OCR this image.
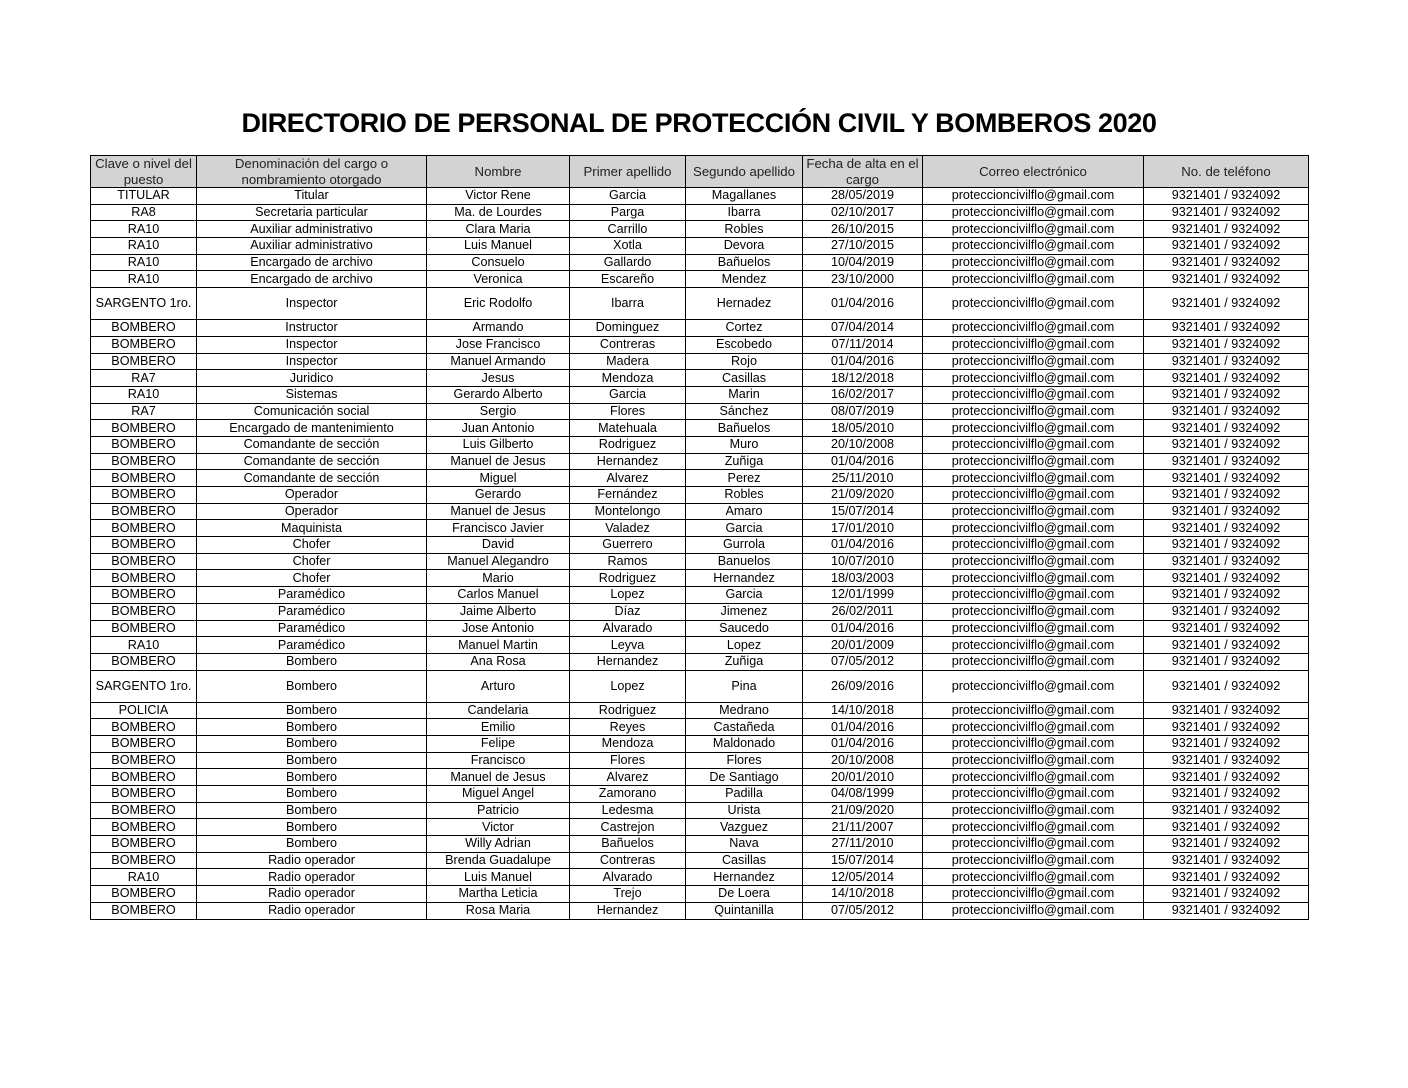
DIRECTORIO DE PERSONAL DE PROTECCIÓN CIVIL Y BOMBEROS 2020
Clave o nivel del puesto	Denominación del cargo o nombramiento otorgado	Nombre	Primer apellido	Segundo apellido	Fecha de alta en el cargo	Correo electrónico	No. de teléfono
TITULAR	Titular	Victor Rene	Garcia	Magallanes	28/05/2019	proteccioncivilflo@gmail.com	9321401 / 9324092
RA8	Secretaria particular	Ma. de Lourdes	Parga	Ibarra	02/10/2017	proteccioncivilflo@gmail.com	9321401 / 9324092
RA10	Auxiliar administrativo	Clara Maria	Carrillo	Robles	26/10/2015	proteccioncivilflo@gmail.com	9321401 / 9324092
RA10	Auxiliar administrativo	Luis Manuel	Xotla	Devora	27/10/2015	proteccioncivilflo@gmail.com	9321401 / 9324092
RA10	Encargado de archivo	Consuelo	Gallardo	Bañuelos	10/04/2019	proteccioncivilflo@gmail.com	9321401 / 9324092
RA10	Encargado de archivo	Veronica	Escareño	Mendez	23/10/2000	proteccioncivilflo@gmail.com	9321401 / 9324092
SARGENTO 1ro.	Inspector	Eric Rodolfo	Ibarra	Hernadez	01/04/2016	proteccioncivilflo@gmail.com	9321401 / 9324092
BOMBERO	Instructor	Armando	Dominguez	Cortez	07/04/2014	proteccioncivilflo@gmail.com	9321401 / 9324092
BOMBERO	Inspector	Jose Francisco	Contreras	Escobedo	07/11/2014	proteccioncivilflo@gmail.com	9321401 / 9324092
BOMBERO	Inspector	Manuel Armando	Madera	Rojo	01/04/2016	proteccioncivilflo@gmail.com	9321401 / 9324092
RA7	Juridico	Jesus	Mendoza	Casillas	18/12/2018	proteccioncivilflo@gmail.com	9321401 / 9324092
RA10	Sistemas	Gerardo Alberto	Garcia	Marin	16/02/2017	proteccioncivilflo@gmail.com	9321401 / 9324092
RA7	Comunicación social	Sergio	Flores	Sánchez	08/07/2019	proteccioncivilflo@gmail.com	9321401 / 9324092
BOMBERO	Encargado de mantenimiento	Juan Antonio	Matehuala	Bañuelos	18/05/2010	proteccioncivilflo@gmail.com	9321401 / 9324092
BOMBERO	Comandante de sección	Luis Gilberto	Rodriguez	Muro	20/10/2008	proteccioncivilflo@gmail.com	9321401 / 9324092
BOMBERO	Comandante de sección	Manuel de Jesus	Hernandez	Zuñiga	01/04/2016	proteccioncivilflo@gmail.com	9321401 / 9324092
BOMBERO	Comandante de sección	Miguel	Alvarez	Perez	25/11/2010	proteccioncivilflo@gmail.com	9321401 / 9324092
BOMBERO	Operador	Gerardo	Fernández	Robles	21/09/2020	proteccioncivilflo@gmail.com	9321401 / 9324092
BOMBERO	Operador	Manuel de Jesus	Montelongo	Amaro	15/07/2014	proteccioncivilflo@gmail.com	9321401 / 9324092
BOMBERO	Maquinista	Francisco Javier	Valadez	Garcia	17/01/2010	proteccioncivilflo@gmail.com	9321401 / 9324092
BOMBERO	Chofer	David	Guerrero	Gurrola	01/04/2016	proteccioncivilflo@gmail.com	9321401 / 9324092
BOMBERO	Chofer	Manuel Alegandro	Ramos	Banuelos	10/07/2010	proteccioncivilflo@gmail.com	9321401 / 9324092
BOMBERO	Chofer	Mario	Rodriguez	Hernandez	18/03/2003	proteccioncivilflo@gmail.com	9321401 / 9324092
BOMBERO	Paramédico	Carlos Manuel	Lopez	Garcia	12/01/1999	proteccioncivilflo@gmail.com	9321401 / 9324092
BOMBERO	Paramédico	Jaime Alberto	Díaz	Jimenez	26/02/2011	proteccioncivilflo@gmail.com	9321401 / 9324092
BOMBERO	Paramédico	Jose Antonio	Alvarado	Saucedo	01/04/2016	proteccioncivilflo@gmail.com	9321401 / 9324092
RA10	Paramédico	Manuel Martin	Leyva	Lopez	20/01/2009	proteccioncivilflo@gmail.com	9321401 / 9324092
BOMBERO	Bombero	Ana Rosa	Hernandez	Zuñiga	07/05/2012	proteccioncivilflo@gmail.com	9321401 / 9324092
SARGENTO 1ro.	Bombero	Arturo	Lopez	Pina	26/09/2016	proteccioncivilflo@gmail.com	9321401 / 9324092
POLICIA	Bombero	Candelaria	Rodriguez	Medrano	14/10/2018	proteccioncivilflo@gmail.com	9321401 / 9324092
BOMBERO	Bombero	Emilio	Reyes	Castañeda	01/04/2016	proteccioncivilflo@gmail.com	9321401 / 9324092
BOMBERO	Bombero	Felipe	Mendoza	Maldonado	01/04/2016	proteccioncivilflo@gmail.com	9321401 / 9324092
BOMBERO	Bombero	Francisco	Flores	Flores	20/10/2008	proteccioncivilflo@gmail.com	9321401 / 9324092
BOMBERO	Bombero	Manuel de Jesus	Alvarez	De Santiago	20/01/2010	proteccioncivilflo@gmail.com	9321401 / 9324092
BOMBERO	Bombero	Miguel Angel	Zamorano	Padilla	04/08/1999	proteccioncivilflo@gmail.com	9321401 / 9324092
BOMBERO	Bombero	Patricio	Ledesma	Urista	21/09/2020	proteccioncivilflo@gmail.com	9321401 / 9324092
BOMBERO	Bombero	Victor	Castrejon	Vazguez	21/11/2007	proteccioncivilflo@gmail.com	9321401 / 9324092
BOMBERO	Bombero	Willy Adrian	Bañuelos	Nava	27/11/2010	proteccioncivilflo@gmail.com	9321401 / 9324092
BOMBERO	Radio operador	Brenda Guadalupe	Contreras	Casillas	15/07/2014	proteccioncivilflo@gmail.com	9321401 / 9324092
RA10	Radio operador	Luis Manuel	Alvarado	Hernandez	12/05/2014	proteccioncivilflo@gmail.com	9321401 / 9324092
BOMBERO	Radio operador	Martha Leticia	Trejo	De Loera	14/10/2018	proteccioncivilflo@gmail.com	9321401 / 9324092
BOMBERO	Radio operador	Rosa Maria	Hernandez	Quintanilla	07/05/2012	proteccioncivilflo@gmail.com	9321401 / 9324092
